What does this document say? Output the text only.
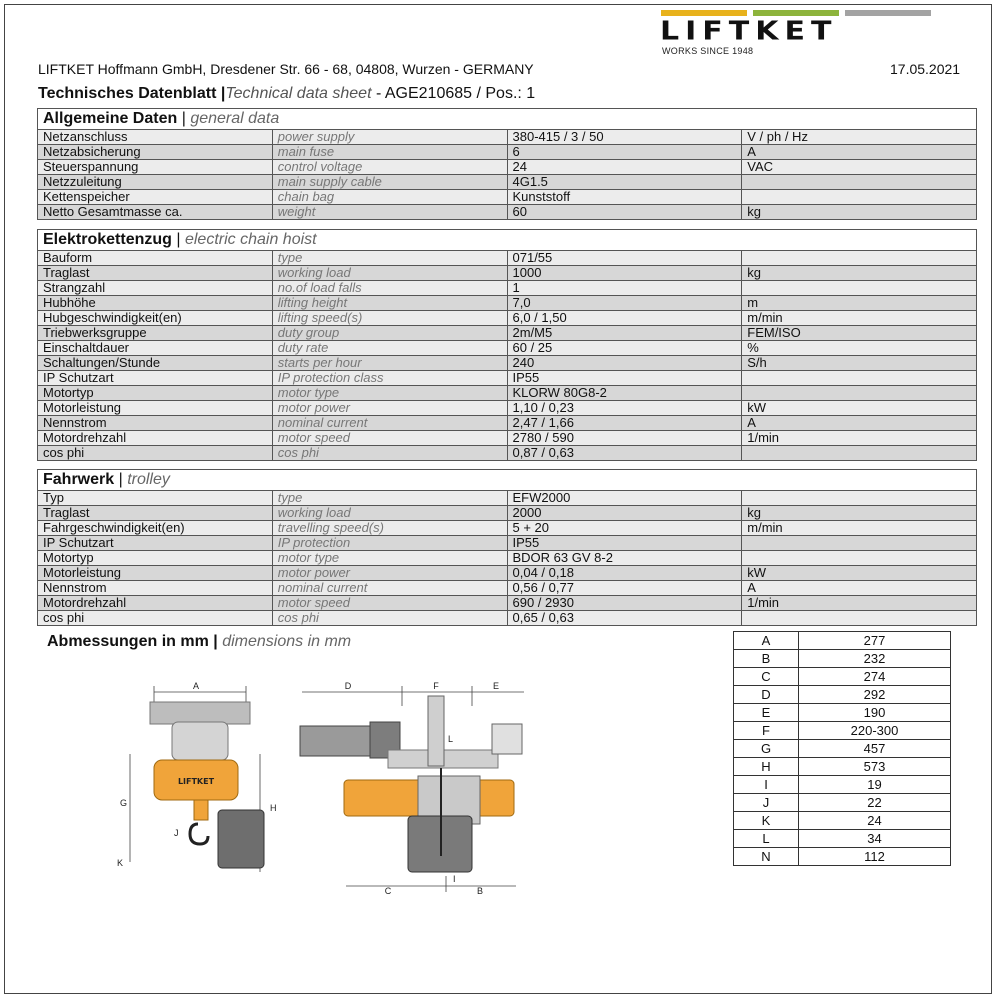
LIFTKET
WORKS SINCE 1948
LIFTKET Hoffmann GmbH, Dresdener Str. 66 - 68, 04808, Wurzen - GERMANY	17.05.2021
Technisches Datenblatt |Technical data sheet - AGE210685 / Pos.: 1
Allgemeine Daten | general data			
Netzanschluss	power supply	380-415 / 3 / 50	V / ph / Hz
Netzabsicherung	main fuse	6	A
Steuerspannung	control voltage	24	VAC
Netzzuleitung	main supply cable	4G1.5	
Kettenspeicher	chain bag	Kunststoff	
Netto Gesamtmasse ca.	weight	60	kg
Elektrokettenzug | electric chain hoist			
Bauform	type	071/55	
Traglast	working load	1000	kg
Strangzahl	no.of load falls	1	
Hubhöhe	lifting height	7,0	m
Hubgeschwindigkeit(en)	lifting speed(s)	6,0 / 1,50	m/min
Triebwerksgruppe	duty group	2m/M5	FEM/ISO
Einschaltdauer	duty rate	60 / 25	%
Schaltungen/Stunde	starts per hour	240	S/h
IP Schutzart	IP protection class	IP55	
Motortyp	motor type	KLORW 80G8-2	
Motorleistung	motor power	1,10 / 0,23	kW
Nennstrom	nominal current	2,47 / 1,66	A
Motordrehzahl	motor speed	2780 / 590	1/min
cos phi	cos phi	0,87 / 0,63	
Fahrwerk | trolley			
Typ	type	EFW2000	
Traglast	working load	2000	kg
Fahrgeschwindigkeit(en)	travelling speed(s)	5 + 20	m/min
IP Schutzart	IP protection	IP55	
Motortyp	motor type	BDOR 63 GV 8-2	
Motorleistung	motor power	0,04 / 0,18	kW
Nennstrom	nominal current	0,56 / 0,77	A
Motordrehzahl	motor speed	690 / 2930	1/min
cos phi	cos phi	0,65 / 0,63	
Abmessungen in mm | dimensions in mm	A	277
B	232
C	274
D	292
E	190
F	220-300
G	457
H	573
I	19
J	22
K	24
L	34
N	112
A
G	H
K
J
LIFTKET
D	F	E
L
C
I
B
